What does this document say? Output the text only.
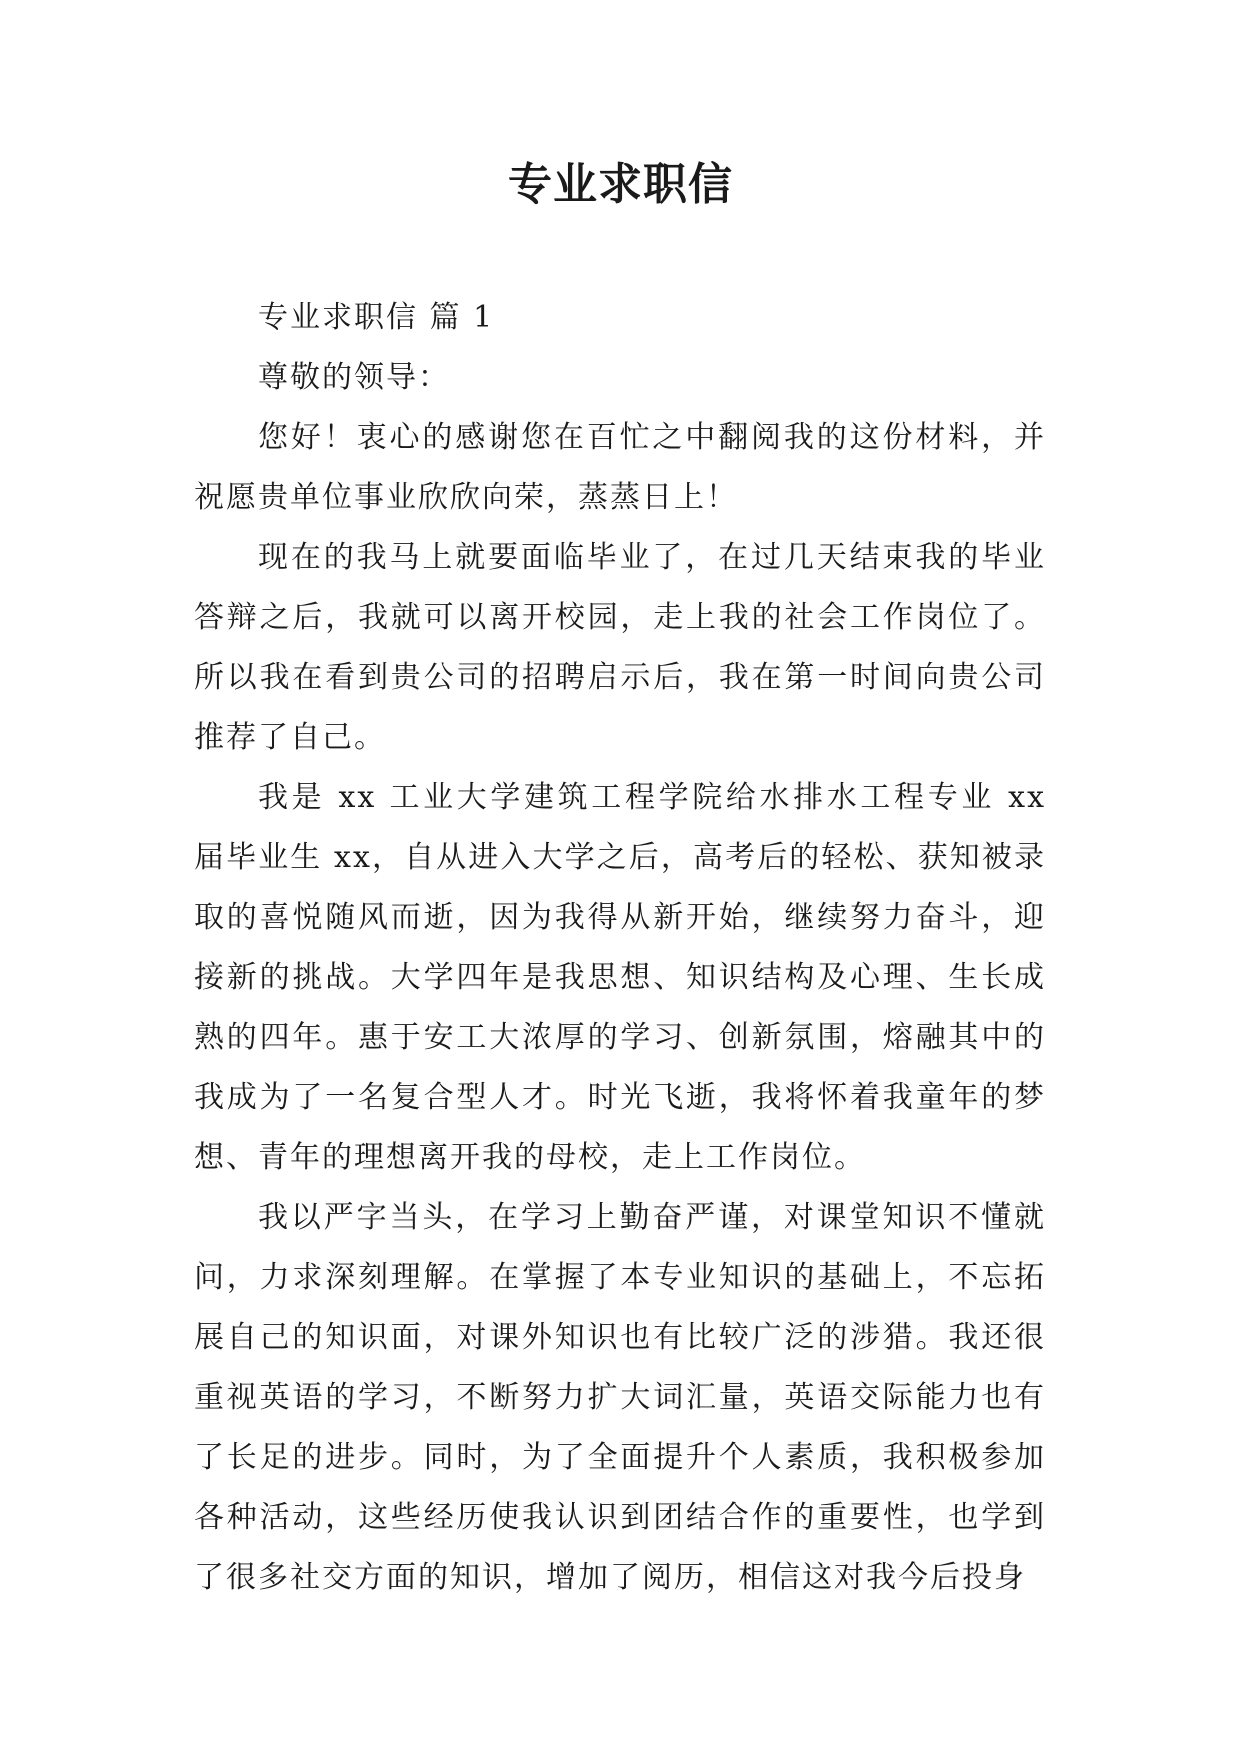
专业求职信

专业求职信 篇 1

尊敬的领导：

您好！衷心的感谢您在百忙之中翻阅我的这份材料，并祝愿贵单位事业欣欣向荣，蒸蒸日上！

现在的我马上就要面临毕业了，在过几天结束我的毕业答辩之后，我就可以离开校园，走上我的社会工作岗位了。所以我在看到贵公司的招聘启示后，我在第一时间向贵公司推荐了自己。

我是 xx 工业大学建筑工程学院给水排水工程专业 xx 届毕业生 xx，自从进入大学之后，高考后的轻松、获知被录取的喜悦随风而逝，因为我得从新开始，继续努力奋斗，迎接新的挑战。大学四年是我思想、知识结构及心理、生长成熟的四年。惠于安工大浓厚的学习、创新氛围，熔融其中的我成为了一名复合型人才。时光飞逝，我将怀着我童年的梦想、青年的理想离开我的母校，走上工作岗位。

我以严字当头，在学习上勤奋严谨，对课堂知识不懂就问，力求深刻理解。在掌握了本专业知识的基础上，不忘拓展自己的知识面，对课外知识也有比较广泛的涉猎。我还很重视英语的学习，不断努力扩大词汇量，英语交际能力也有了长足的进步。同时，为了全面提升个人素质，我积极参加各种活动，这些经历使我认识到团结合作的重要性，也学到了很多社交方面的知识，增加了阅历，相信这对我今后投身
